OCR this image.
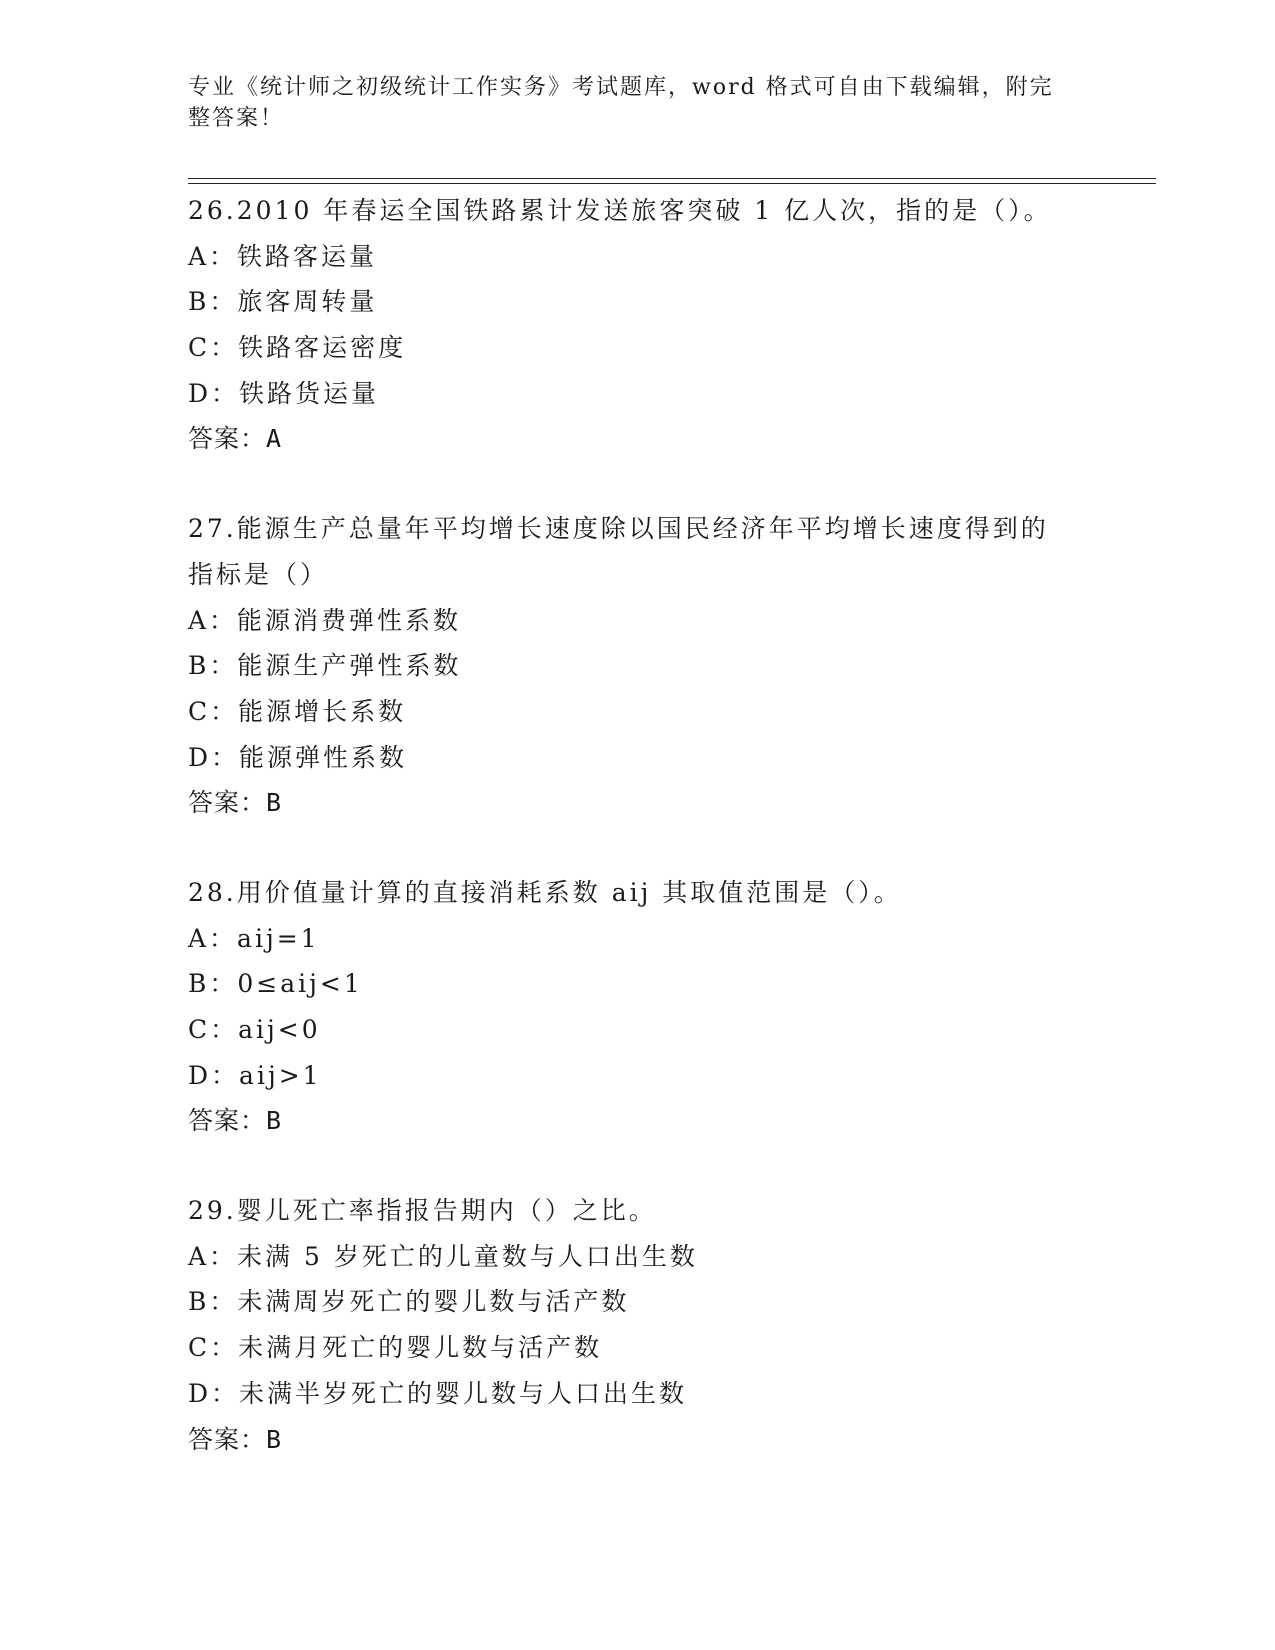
专业《统计师之初级统计工作实务》考试题库，word 格式可自由下载编辑，附完
整答案！
26.2010 年春运全国铁路累计发送旅客突破 1 亿人次，指的是（）。
A：铁路客运量
B：旅客周转量
C：铁路客运密度
D：铁路货运量
答案：A
27.能源生产总量年平均增长速度除以国民经济年平均增长速度得到的
指标是（）
A：能源消费弹性系数
B：能源生产弹性系数
C：能源增长系数
D：能源弹性系数
答案：B
28.用价值量计算的直接消耗系数 aij 其取值范围是（）。
A：aij=1
B：0≤aij<1
C：aij<0
D：aij>1
答案：B
29.婴儿死亡率指报告期内（）之比。
A：未满 5 岁死亡的儿童数与人口出生数
B：未满周岁死亡的婴儿数与活产数
C：未满月死亡的婴儿数与活产数
D：未满半岁死亡的婴儿数与人口出生数
答案：B
